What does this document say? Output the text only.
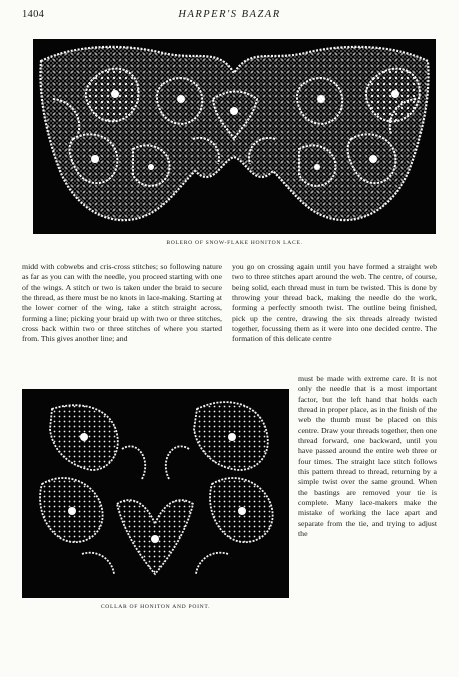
1404	HARPER'S BAZAR
BOLERO OF SNOW-FLAKE HONITON LACE.

midd with cobwebs and cris-cross stitches; so following nature as far as you can with the needle, you proceed starting with one of the wings. A stitch or two is taken under the braid to secure the thread, as there must be no knots in lace-making. Starting at the lower corner of the wing, take a stitch straight across, forming a line; picking your braid up with two or three stitches, cross back within two or three stitches of where you started from. This gives another line; and

you go on crossing again until you have formed a straight web two to three stitches apart around the web. The centre, of course, being solid, each thread must in turn be twisted. This is done by throwing your thread back, making the needle do the work, forming a perfectly smooth twist. The outline being finished, pick up the centre, drawing the six threads already twisted together, focussing them as it were into one decided centre. The formation of this delicate centre

COLLAR OF HONITON AND POINT.

must be made with extreme care. It is not only the needle that is a most important factor, but the left hand that holds each thread in proper place, as in the finish of the web the thumb must be placed on this centre. Draw your threads together, then one thread forward, one backward, until you have passed around the entire web three or four times. The straight lace stitch follows this pattern thread to thread, returning by a simple twist over the same ground. When the bastings are removed your tie is complete. Many lace-makers make the mistake of working the lace apart and separate from the tie, and trying to adjust the
